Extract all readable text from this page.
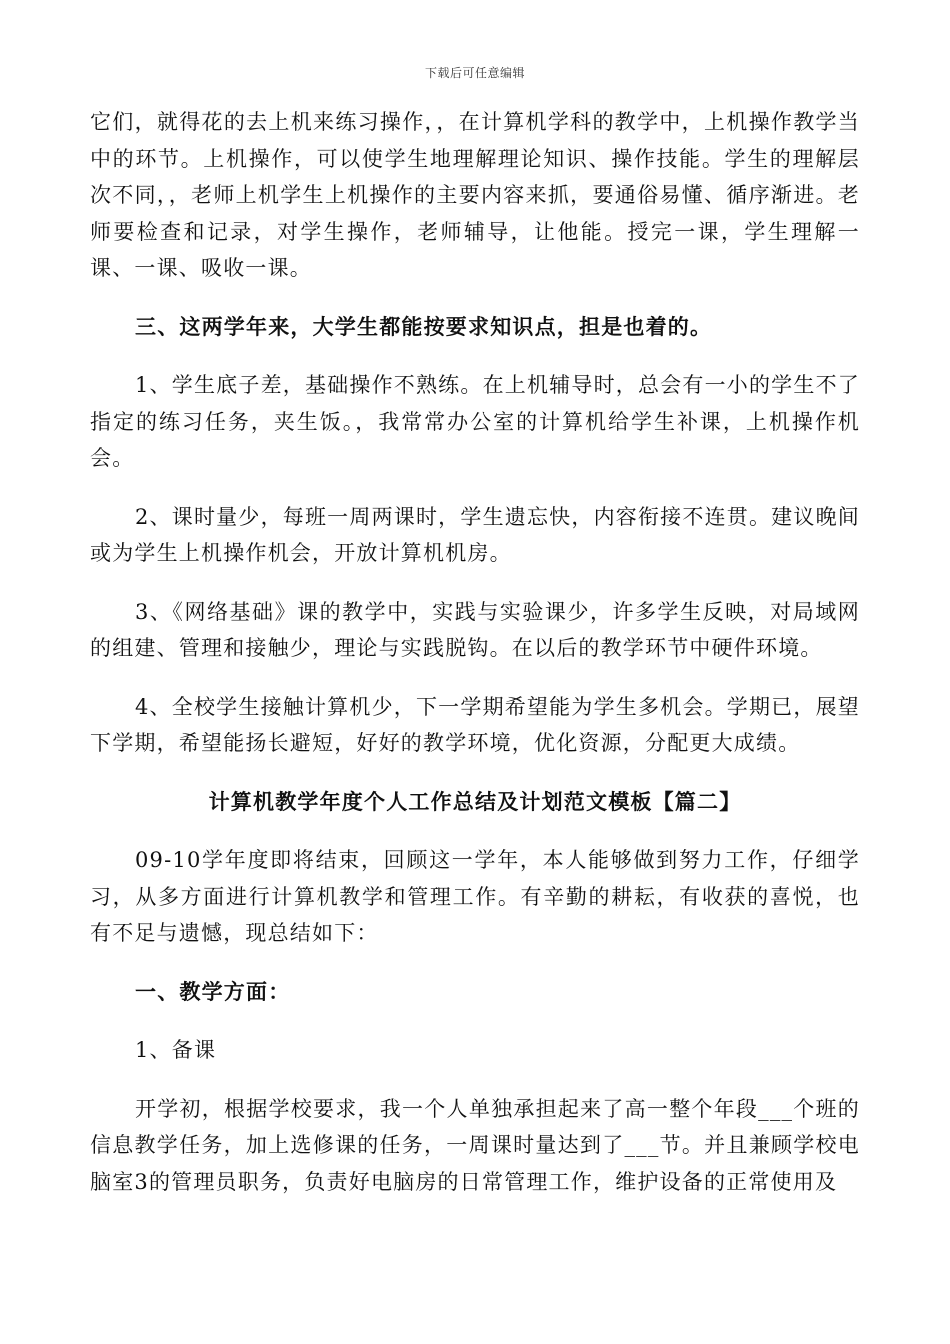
下载后可任意编辑

它们，就得花的去上机来练习操作，，在计算机学科的教学中，上机操作教学当中的环节。上机操作，可以使学生地理解理论知识、操作技能。学生的理解层次不同，，老师上机学生上机操作的主要内容来抓，要通俗易懂、循序渐进。老师要检查和记录，对学生操作，老师辅导，让他能。授完一课，学生理解一课、一课、吸收一课。

三、这两学年来，大学生都能按要求知识点，担是也着的。

1、学生底子差，基础操作不熟练。在上机辅导时，总会有一小的学生不了指定的练习任务，夹生饭。，我常常办公室的计算机给学生补课，上机操作机会。

2、课时量少，每班一周两课时，学生遗忘快，内容衔接不连贯。建议晚间或为学生上机操作机会，开放计算机机房。

3、《网络基础》课的教学中，实践与实验课少，许多学生反映，对局域网的组建、管理和接触少，理论与实践脱钩。在以后的教学环节中硬件环境。

4、全校学生接触计算机少，下一学期希望能为学生多机会。学期已，展望下学期，希望能扬长避短，好好的教学环境，优化资源，分配更大成绩。

计算机教学年度个人工作总结及计划范文模板【篇二】

09-10学年度即将结束，回顾这一学年，本人能够做到努力工作，仔细学习，从多方面进行计算机教学和管理工作。有辛勤的耕耘，有收获的喜悦，也有不足与遗憾，现总结如下：

一、教学方面：

1、备课

开学初，根据学校要求，我一个人单独承担起来了高一整个年段___个班的信息教学任务，加上选修课的任务，一周课时量达到了___节。并且兼顾学校电脑室3的管理员职务，负责好电脑房的日常管理工作，维护设备的正常使用及
